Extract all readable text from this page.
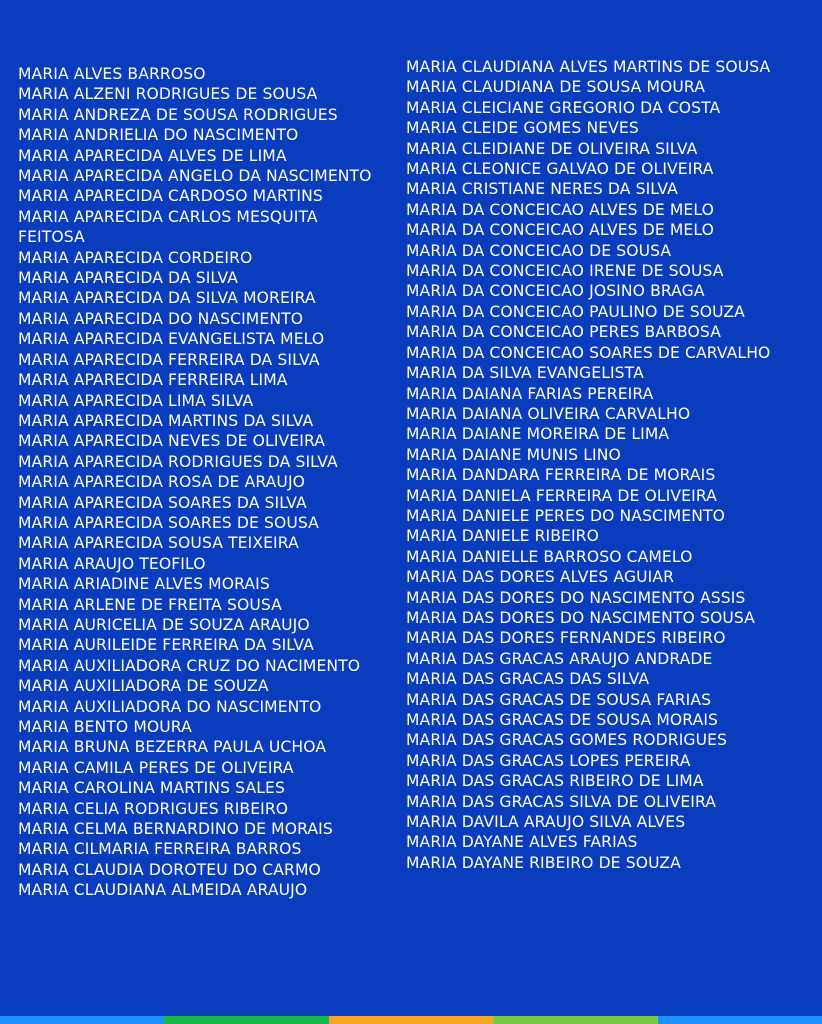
MARIA ALVES BARROSO
MARIA ALZENI RODRIGUES DE SOUSA
MARIA ANDREZA DE SOUSA RODRIGUES
MARIA ANDRIELIA DO NASCIMENTO
MARIA APARECIDA ALVES DE LIMA
MARIA APARECIDA ANGELO DA NASCIMENTO
MARIA APARECIDA CARDOSO MARTINS
MARIA APARECIDA CARLOS MESQUITA FEITOSA
MARIA APARECIDA CORDEIRO
MARIA APARECIDA DA SILVA
MARIA APARECIDA DA SILVA MOREIRA
MARIA APARECIDA DO NASCIMENTO
MARIA APARECIDA EVANGELISTA MELO
MARIA APARECIDA FERREIRA DA SILVA
MARIA APARECIDA FERREIRA LIMA
MARIA APARECIDA LIMA SILVA
MARIA APARECIDA MARTINS DA SILVA
MARIA APARECIDA NEVES DE OLIVEIRA
MARIA APARECIDA RODRIGUES DA SILVA
MARIA APARECIDA ROSA DE ARAUJO
MARIA APARECIDA SOARES DA SILVA
MARIA APARECIDA SOARES DE SOUSA
MARIA APARECIDA SOUSA TEIXEIRA
MARIA ARAUJO TEOFILO
MARIA ARIADINE ALVES MORAIS
MARIA ARLENE DE FREITA SOUSA
MARIA AURICELIA DE SOUZA ARAUJO
MARIA AURILEIDE FERREIRA DA SILVA
MARIA AUXILIADORA CRUZ DO NACIMENTO
MARIA AUXILIADORA DE SOUZA
MARIA AUXILIADORA DO NASCIMENTO
MARIA BENTO MOURA
MARIA BRUNA BEZERRA PAULA UCHOA
MARIA CAMILA PERES DE OLIVEIRA
MARIA CAROLINA MARTINS SALES
MARIA CELIA RODRIGUES RIBEIRO
MARIA CELMA BERNARDINO DE MORAIS
MARIA CILMARIA FERREIRA BARROS
MARIA CLAUDIA DOROTEU DO CARMO
MARIA CLAUDIANA ALMEIDA ARAUJO
MARIA CLAUDIANA ALVES MARTINS DE SOUSA
MARIA CLAUDIANA DE SOUSA MOURA
MARIA CLEICIANE GREGORIO DA COSTA
MARIA CLEIDE GOMES NEVES
MARIA CLEIDIANE DE OLIVEIRA SILVA
MARIA CLEONICE GALVAO DE OLIVEIRA
MARIA CRISTIANE NERES DA SILVA
MARIA DA CONCEICAO ALVES DE MELO
MARIA DA CONCEICAO ALVES DE MELO
MARIA DA CONCEICAO DE SOUSA
MARIA DA CONCEICAO IRENE DE SOUSA
MARIA DA CONCEICAO JOSINO BRAGA
MARIA DA CONCEICAO PAULINO DE SOUZA
MARIA DA CONCEICAO PERES BARBOSA
MARIA DA CONCEICAO SOARES DE CARVALHO
MARIA DA SILVA EVANGELISTA
MARIA DAIANA FARIAS PEREIRA
MARIA DAIANA OLIVEIRA CARVALHO
MARIA DAIANE MOREIRA DE LIMA
MARIA DAIANE MUNIS LINO
MARIA DANDARA FERREIRA DE MORAIS
MARIA DANIELA FERREIRA DE OLIVEIRA
MARIA DANIELE PERES DO NASCIMENTO
MARIA DANIELE RIBEIRO
MARIA DANIELLE BARROSO CAMELO
MARIA DAS DORES ALVES AGUIAR
MARIA DAS DORES DO NASCIMENTO ASSIS
MARIA DAS DORES DO NASCIMENTO SOUSA
MARIA DAS DORES FERNANDES RIBEIRO
MARIA DAS GRACAS ARAUJO ANDRADE
MARIA DAS GRACAS DAS SILVA
MARIA DAS GRACAS DE SOUSA FARIAS
MARIA DAS GRACAS DE SOUSA MORAIS
MARIA DAS GRACAS GOMES RODRIGUES
MARIA DAS GRACAS LOPES PEREIRA
MARIA DAS GRACAS RIBEIRO DE LIMA
MARIA DAS GRACAS SILVA DE OLIVEIRA
MARIA DAVILA ARAUJO SILVA ALVES
MARIA DAYANE ALVES FARIAS
MARIA DAYANE RIBEIRO DE SOUZA
